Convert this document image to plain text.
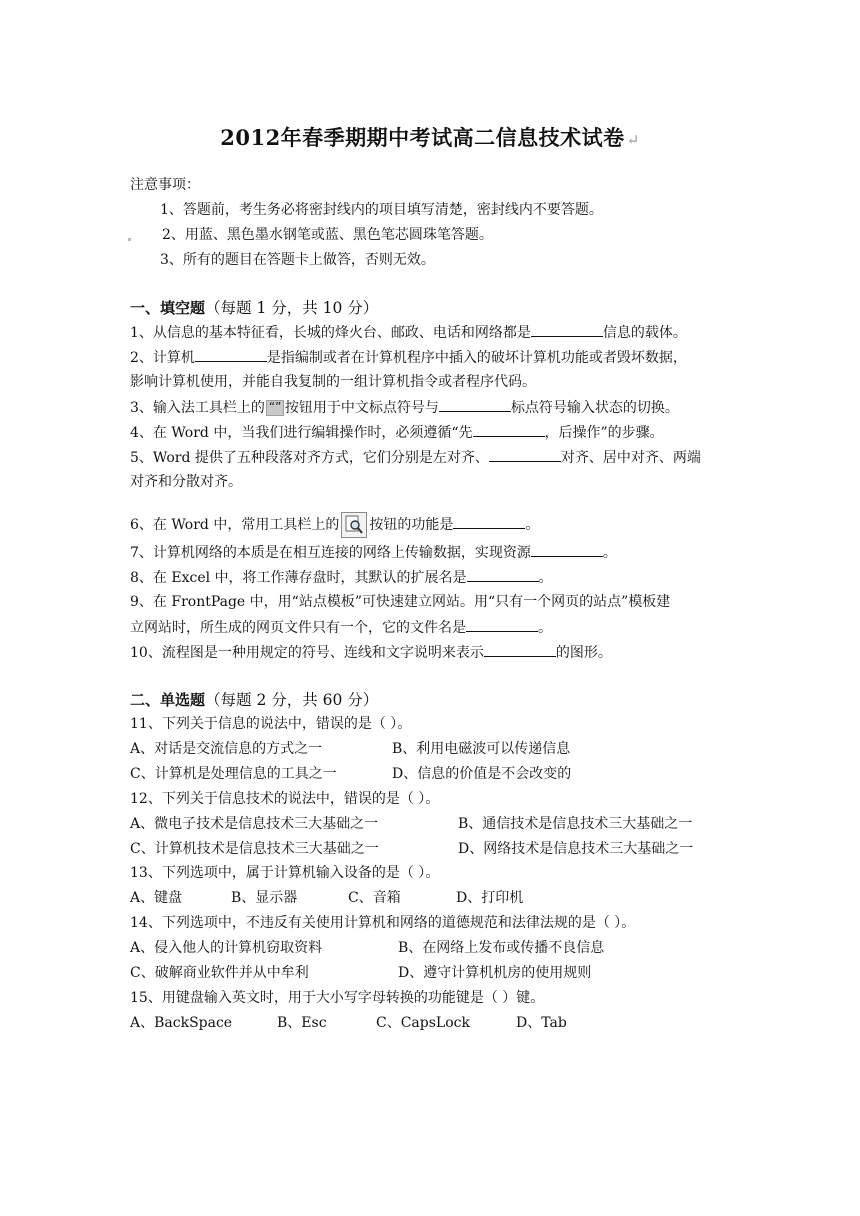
2012年春季期期中考试高二信息技术试卷 ↵
注意事项：
1、答题前，考生务必将密封线内的项目填写清楚，密封线内不要答题。
2、用蓝、黑色墨水钢笔或蓝、黑色笔芯圆珠笔答题。
3、所有的题目在答题卡上做答，否则无效。
一、填空题（每题 1 分，共 10 分）
1、从信息的基本特征看，长城的烽火台、邮政、电话和网络都是	信息的载体。
2、计算机	是指编制或者在计算机程序中插入的破坏计算机功能或者毁坏数据，
影响计算机使用，并能自我复制的一组计算机指令或者程序代码。
3、输入法工具栏上的“” 按钮用于中文标点符号与	标点符号输入状态的切换。
4、在 Word 中，当我们进行编辑操作时，必须遵循“先	，后操作”的步骤。
5、Word 提供了五种段落对齐方式，它们分别是左对齐、	对齐、居中对齐、两端
对齐和分散对齐。
6、在 Word 中，常用工具栏上的 按钮的功能是	。
7、计算机网络的本质是在相互连接的网络上传输数据，实现资源	。
8、在 Excel 中，将工作薄存盘时，其默认的扩展名是	。
9、在 FrontPage 中，用“站点模板”可快速建立网站。用“只有一个网页的站点”模板建
立网站时，所生成的网页文件只有一个，它的文件名是	。
10、流程图是一种用规定的符号、连线和文字说明来表示	的图形。
二、单选题（每题 2 分，共 60 分）
11、下列关于信息的说法中，错误的是（ ）。
A、对话是交流信息的方式之一	B、利用电磁波可以传递信息
C、计算机是处理信息的工具之一	D、信息的价值是不会改变的
12、下列关于信息技术的说法中，错误的是（ ）。
A、微电子技术是信息技术三大基础之一	B、通信技术是信息技术三大基础之一
C、计算机技术是信息技术三大基础之一	D、网络技术是信息技术三大基础之一
13、下列选项中，属于计算机输入设备的是（ ）。
A、键盘	B、显示器	C、音箱	D、打印机
14、下列选项中，不违反有关使用计算机和网络的道德规范和法律法规的是（ ）。
A、侵入他人的计算机窃取资料	B、在网络上发布或传播不良信息
C、破解商业软件并从中牟利	D、遵守计算机机房的使用规则
15、用键盘输入英文时，用于大小写字母转换的功能键是（ ）键。
A、BackSpace	B、Esc	C、CapsLock	D、Tab
